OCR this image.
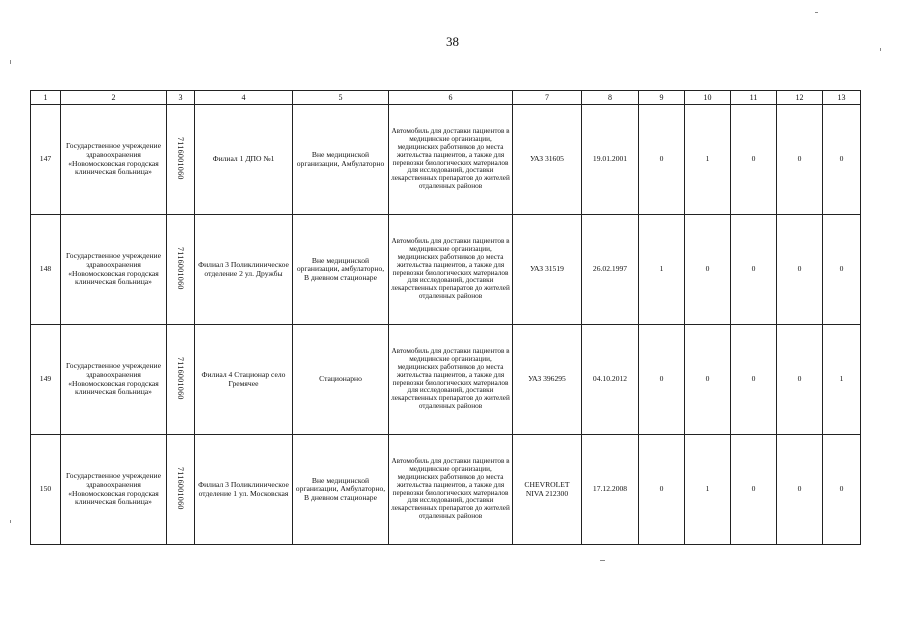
38
1	2	3	4	5	6	7	8	9	10	11	12	13
147	Государственное учреждение здравоохранения «Новомосковская городская клиническая больница»	7116001060	Филиал 1 ДПО №1	Вне медицинской организации, Амбулаторно	Автомобиль для доставки пациентов в медицинские организации, медицинских работников до места жительства пациентов, а также для перевозки биологических материалов для исследований, доставки лекарственных препаратов до жителей отдаленных районов	УАЗ 31605	19.01.2001	0	1	0	0	0
148	Государственное учреждение здравоохранения «Новомосковская городская клиническая больница»	7116001060	Филиал 3 Поликлиническое отделение 2 ул. Дружбы	Вне медицинской организации, амбулаторно, В дневном стационаре	Автомобиль для доставки пациентов в медицинские организации, медицинских работников до места жительства пациентов, а также для перевозки биологических материалов для исследований, доставки лекарственных препаратов до жителей отдаленных районов	УАЗ 31519	26.02.1997	1	0	0	0	0
149	Государственное учреждение здравоохранения «Новомосковская городская клиническая больница»	7116001060	Филиал 4 Стационар село Гремячее	Стационарно	Автомобиль для доставки пациентов в медицинские организации, медицинских работников до места жительства пациентов, а также для перевозки биологических материалов для исследований, доставки лекарственных препаратов до жителей отдаленных районов	УАЗ 396295	04.10.2012	0	0	0	0	1
150	Государственное учреждение здравоохранения «Новомосковская городская клиническая больница»	7116001060	Филиал 3 Поликлиническое отделение 1 ул. Московская	Вне медицинской организации, Амбулаторно, В дневном стационаре	Автомобиль для доставки пациентов в медицинские организации, медицинских работников до места жительства пациентов, а также для перевозки биологических материалов для исследований, доставки лекарственных препаратов до жителей отдаленных районов	CHEVROLET NIVA 212300	17.12.2008	0	1	0	0	0
